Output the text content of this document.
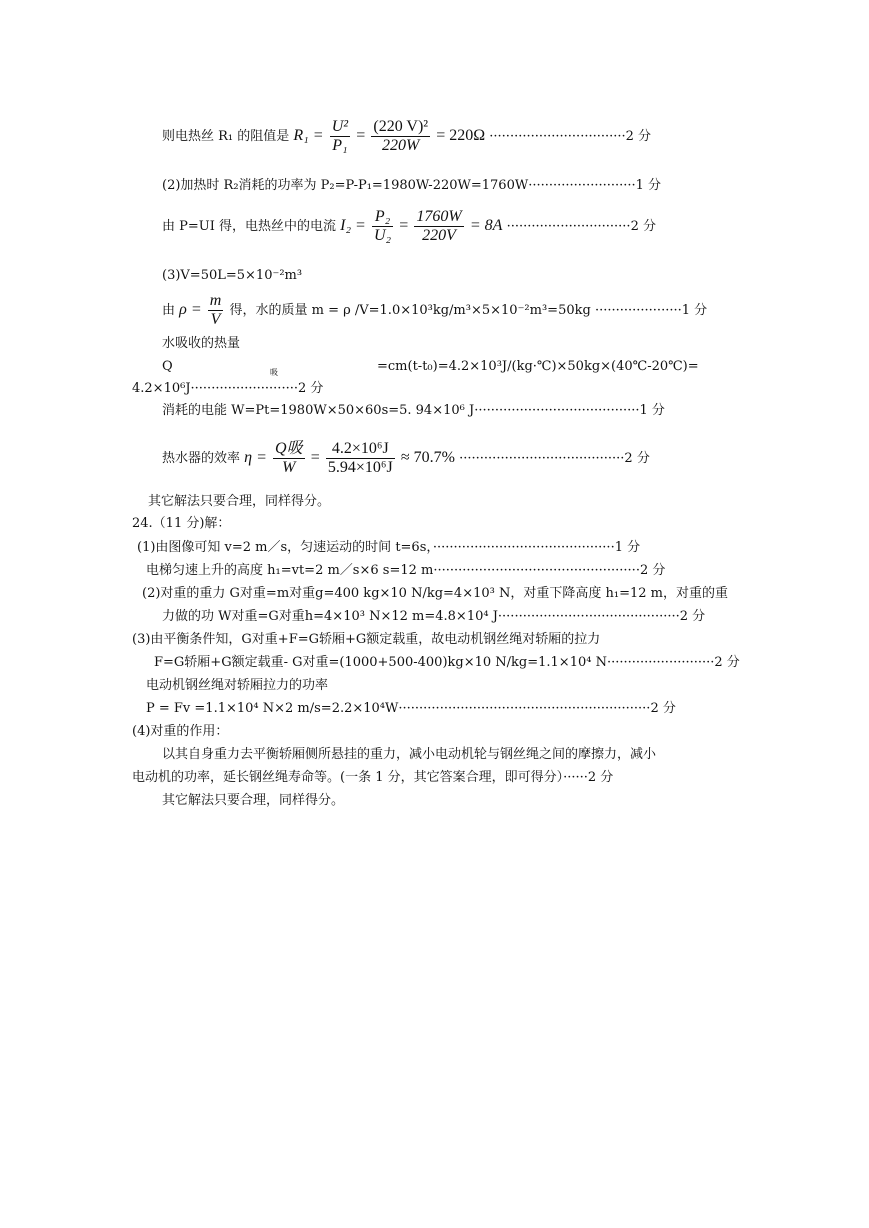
则电热丝 R₁ 的阻值是 $R_1 = \frac{\text{U²}}{\text{P₁}} = \frac{\text{(220 V)²}}{220W} = 220\Omega \cdot\cdot\cdot\cdot\cdot\cdot\cdot\cdot\cdot\cdot\cdot\cdot\cdot\cdot\cdot\cdot\cdot\cdot\cdot\cdot\cdot\cdot\cdot\cdot\cdot\cdot\cdot\cdot\cdot\cdot\cdot\cdot\cdot 2$ 分
(2)加热时 R₂消耗的功率为 P₂=P-P₁=1980W-220W=1760W··························1 分
由 P=UI 得，电热丝中的电流 $I_2 = \frac{\text{P₂}}{\text{U₂}} = \frac{1760W}{220V} = 8A \cdot\cdot\cdot\cdot\cdot\cdot\cdot\cdot\cdot\cdot\cdot\cdot\cdot\cdot\cdot\cdot\cdot\cdot\cdot\cdot\cdot\cdot\cdot\cdot\cdot\cdot\cdot\cdot\cdot\cdot 2$ 分
(3)V=50L=5×10⁻²m³
由 $\rho = \frac{m}{V}$ 得，水的质量 m = ρ /V=1.0×10³kg/m³×5×10⁻²m³=50kg ·····················1 分
水吸收的热量
Q	吸	=cm(t-t₀)=4.2×10³J/(kg·℃)×50kg×(40℃-20℃)=
4.2×10⁶J··························2 分
消耗的电能 W=Pt=1980W×50×60s=5. 94×10⁶ J········································1 分
热水器的效率 $\eta = \frac{\text{Q吸}}{W} = \frac{\text{4.2×10⁶J}}{\text{5.94×10⁶J}} \approx 70.7\% \cdot\cdot\cdot\cdot\cdot\cdot\cdot\cdot\cdot\cdot\cdot\cdot\cdot\cdot\cdot\cdot\cdot\cdot\cdot\cdot\cdot\cdot\cdot\cdot\cdot\cdot\cdot\cdot\cdot\cdot\cdot\cdot\cdot\cdot\cdot\cdot\cdot\cdot\cdot\cdot 2$ 分
其它解法只要合理，同样得分。
24.（11 分)解：
(1)由图像可知 v=2 m／s，匀速运动的时间 t=6s，············································1 分
电梯匀速上升的高度 h₁=vt=2 m／s×6 s=12 m··················································2 分
(2)对重的重力 G对重=m对重g=400 kg×10 N/kg=4×10³ N，对重下降高度 h₁=12 m，对重的重
力做的功 W对重=G对重h=4×10³ N×12 m=4.8×10⁴ J············································2 分
(3)由平衡条件知，G对重+F=G轿厢+G额定载重，故电动机钢丝绳对轿厢的拉力
F=G轿厢+G额定载重- G对重=(1000+500-400)kg×10 N/kg=1.1×10⁴ N··························2 分
电动机钢丝绳对轿厢拉力的功率
P = Fv =1.1×10⁴ N×2 m/s=2.2×10⁴W·····························································2 分
(4)对重的作用：
以其自身重力去平衡轿厢侧所悬挂的重力，减小电动机轮与钢丝绳之间的摩擦力，减小
电动机的功率，延长钢丝绳寿命等。(一条 1 分，其它答案合理，即可得分）······2 分
其它解法只要合理，同样得分。
